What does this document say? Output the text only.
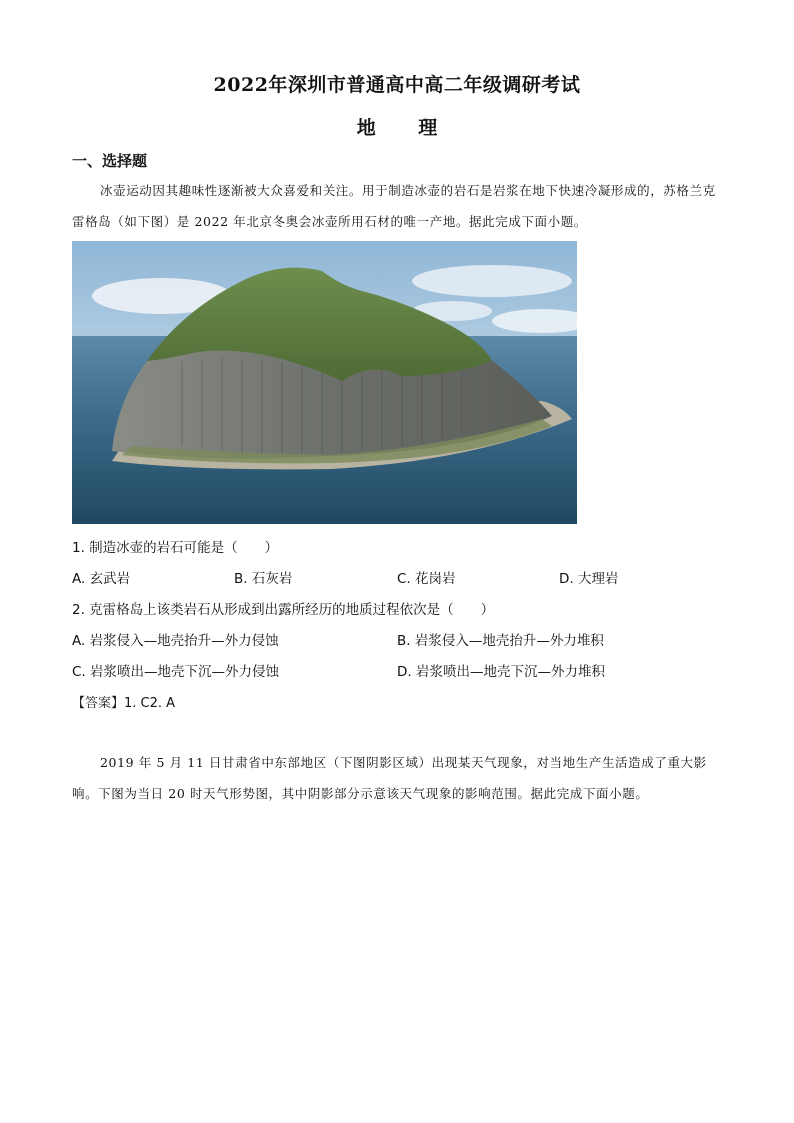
2022年深圳市普通高中高二年级调研考试
地 理
一、选择题
冰壶运动因其趣味性逐渐被大众喜爱和关注。用于制造冰壶的岩石是岩浆在地下快速冷凝形成的，苏格兰克雷格岛（如下图）是 2022 年北京冬奥会冰壶所用石材的唯一产地。据此完成下面小题。
1. 制造冰壶的岩石可能是（　　）
A. 玄武岩	B. 石灰岩	C. 花岗岩	D. 大理岩
2. 克雷格岛上该类岩石从形成到出露所经历的地质过程依次是（　　）
A. 岩浆侵入—地壳抬升—外力侵蚀	B. 岩浆侵入—地壳抬升—外力堆积
C. 岩浆喷出—地壳下沉—外力侵蚀	D. 岩浆喷出—地壳下沉—外力堆积
【答案】1. C2. A
2019 年 5 月 11 日甘肃省中东部地区（下图阴影区域）出现某天气现象，对当地生产生活造成了重大影响。下图为当日 20 时天气形势图，其中阴影部分示意该天气现象的影响范围。据此完成下面小题。
